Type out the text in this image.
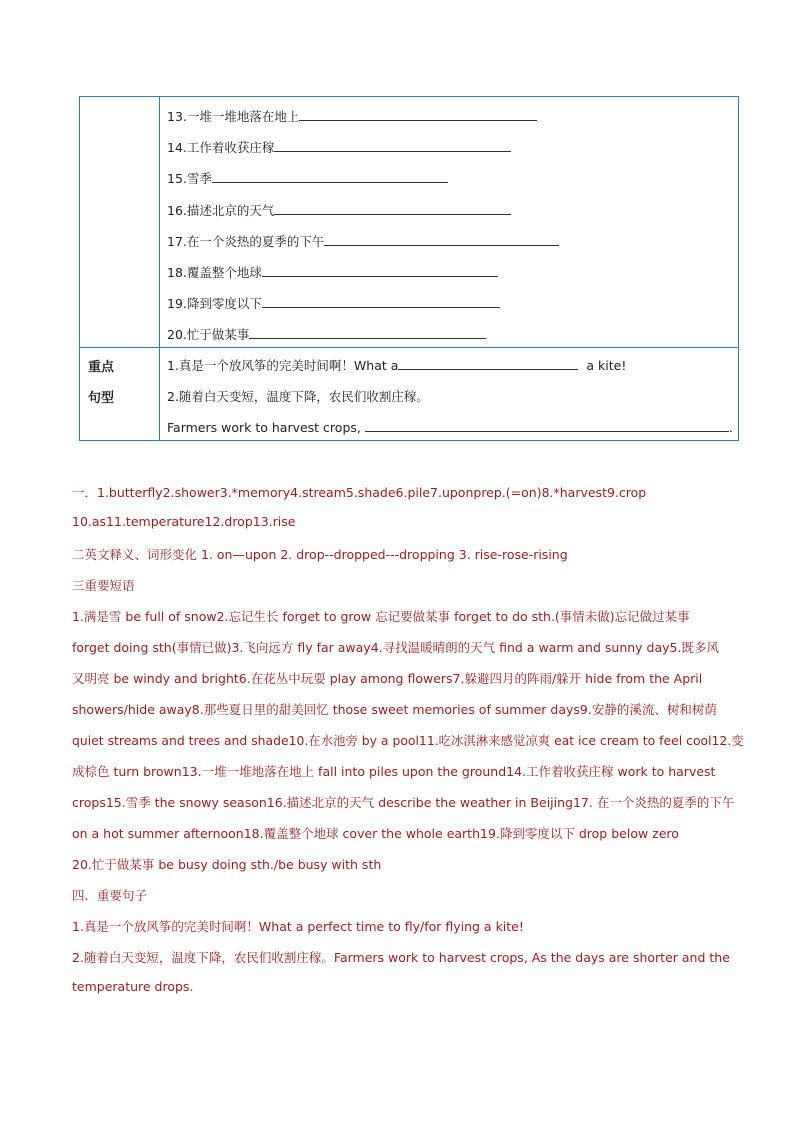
13.一堆一堆地落在地上
14.工作着收获庄稼
15.雪季
16.描述北京的天气
17.在一个炎热的夏季的下午
18.覆盖整个地球
19.降到零度以下
20.忙于做某事
重点
句型
1.真是一个放风筝的完美时间啊！What a	a kite!
2.随着白天变短，温度下降，农民们收割庄稼。
Farmers work to harvest crops,	.
一．1.butterfly2.shower3.*memory4.stream5.shade6.pile7.uponprep.(=on)8.*harvest9.crop
10.as11.temperature12.drop13.rise
二英文释义、词形变化 1. on—upon 2. drop--dropped---dropping 3. rise-rose-rising
三重要短语
1.满是雪 be full of snow2.忘记生长 forget to grow 忘记要做某事 forget to do sth.(事情未做)忘记做过某事
forget doing sth(事情已做)3.飞向远方 fly far away4.寻找温暖晴朗的天气 find a warm and sunny day5.既多风
又明亮 be windy and bright6.在花丛中玩耍 play among flowers7.躲避四月的阵雨/躲开 hide from the April
showers/hide away8.那些夏日里的甜美回忆 those sweet memories of summer days9.安静的溪流、树和树荫
quiet streams and trees and shade10.在水池旁 by a pool11.吃冰淇淋来感觉凉爽 eat ice cream to feel cool12.变
成棕色 turn brown13.一堆一堆地落在地上 fall into piles upon the ground14.工作着收获庄稼 work to harvest
crops15.雪季 the snowy season16.描述北京的天气 describe the weather in Beijing17. 在一个炎热的夏季的下午
on a hot summer afternoon18.覆盖整个地球 cover the whole earth19.降到零度以下 drop below zero
20.忙于做某事 be busy doing sth./be busy with sth
四．重要句子
1.真是一个放风筝的完美时间啊！What a perfect time to fly/for flying a kite!
2.随着白天变短，温度下降，农民们收割庄稼。Farmers work to harvest crops, As the days are shorter and the
temperature drops.
